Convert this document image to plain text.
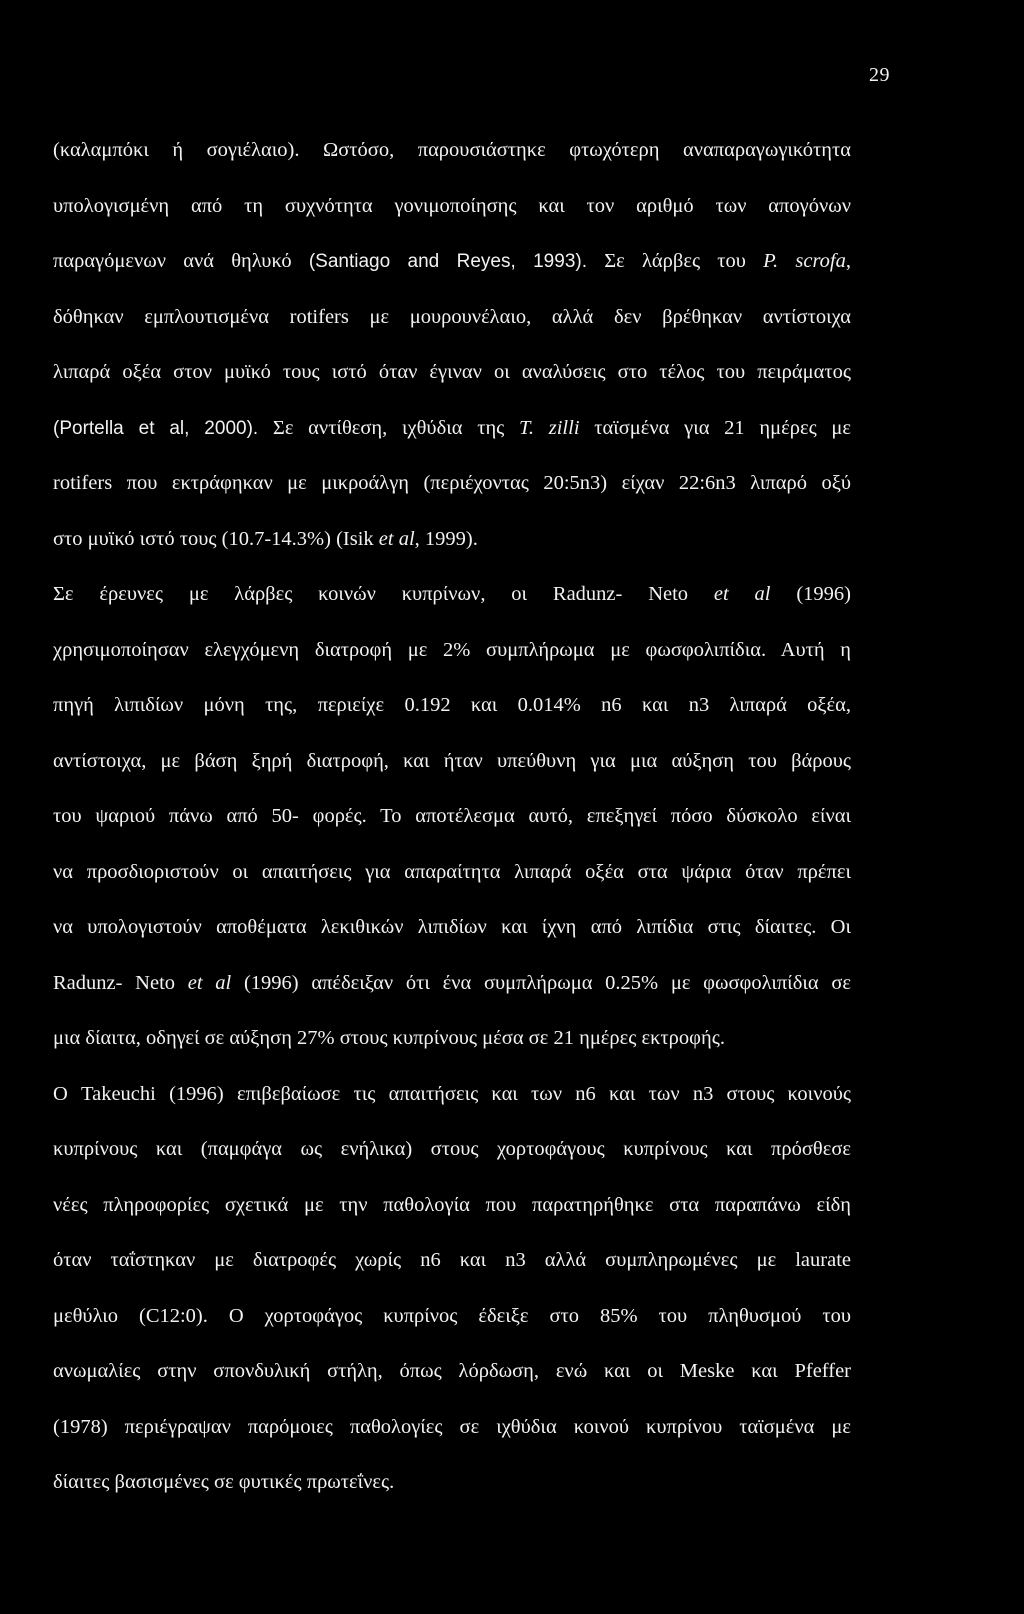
29
(καλαμπόκι ή σογιέλαιο). Ωστόσο, παρουσιάστηκε φτωχότερη αναπαραγωγικότητα
υπολογισμένη από τη συχνότητα γονιμοποίησης και τον αριθμό των απογόνων
παραγόμενων ανά θηλυκό (Santiago and Reyes, 1993). Σε λάρβες του P. scrofa,
δόθηκαν εμπλουτισμένα rotifers με μουρουνέλαιο, αλλά δεν βρέθηκαν αντίστοιχα
λιπαρά οξέα στον μυϊκό τους ιστό όταν έγιναν οι αναλύσεις στο τέλος του πειράματος
(Portella et al, 2000). Σε αντίθεση, ιχθύδια της T. zilli ταϊσμένα για 21 ημέρες με
rotifers που εκτράφηκαν με μικροάλγη (περιέχοντας 20:5n3) είχαν 22:6n3 λιπαρό οξύ
στο μυϊκό ιστό τους (10.7-14.3%) (Isik et al, 1999).
Σε έρευνες με λάρβες κοινών κυπρίνων, οι Radunz- Neto et al (1996)
χρησιμοποίησαν ελεγχόμενη διατροφή με 2% συμπλήρωμα με φωσφολιπίδια. Αυτή η
πηγή λιπιδίων μόνη της, περιείχε 0.192 και 0.014% n6 και n3 λιπαρά οξέα,
αντίστοιχα, με βάση ξηρή διατροφή, και ήταν υπεύθυνη για μια αύξηση του βάρους
του ψαριού πάνω από 50- φορές. Το αποτέλεσμα αυτό, επεξηγεί πόσο δύσκολο είναι
να προσδιοριστούν οι απαιτήσεις για απαραίτητα λιπαρά οξέα στα ψάρια όταν πρέπει
να υπολογιστούν αποθέματα λεκιθικών λιπιδίων και ίχνη από λιπίδια στις δίαιτες. Οι
Radunz- Neto et al (1996) απέδειξαν ότι ένα συμπλήρωμα 0.25% με φωσφολιπίδια σε
μια δίαιτα, οδηγεί σε αύξηση 27% στους κυπρίνους μέσα σε 21 ημέρες εκτροφής.
Ο Takeuchi (1996) επιβεβαίωσε τις απαιτήσεις και των n6 και των n3 στους κοινούς
κυπρίνους και (παμφάγα ως ενήλικα) στους χορτοφάγους κυπρίνους και πρόσθεσε
νέες πληροφορίες σχετικά με την παθολογία που παρατηρήθηκε στα παραπάνω είδη
όταν ταΐστηκαν με διατροφές χωρίς n6 και n3 αλλά συμπληρωμένες με laurate
μεθύλιο (C12:0). Ο χορτοφάγος κυπρίνος έδειξε στο 85% του πληθυσμού του
ανωμαλίες στην σπονδυλική στήλη, όπως λόρδωση, ενώ και οι Meske και Pfeffer
(1978) περιέγραψαν παρόμοιες παθολογίες σε ιχθύδια κοινού κυπρίνου ταϊσμένα με
δίαιτες βασισμένες σε φυτικές πρωτεΐνες.
